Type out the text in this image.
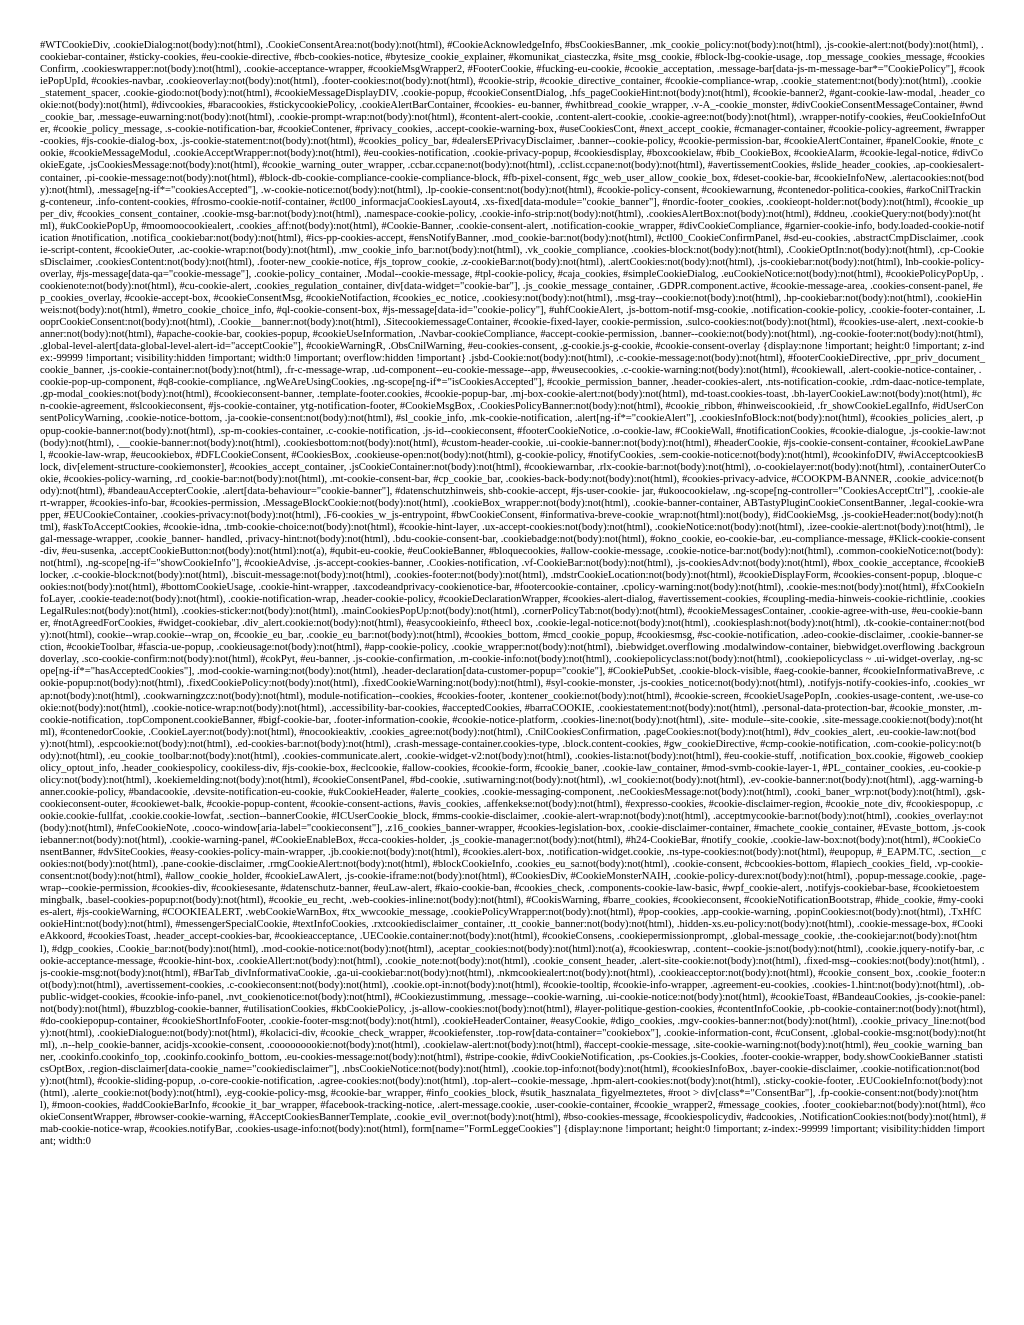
#WTCookieDiv, .cookieDialog:not(body):not(html), .CookieConsentArea:not(body):not(html), #CookieAcknowledgeInfo, #bsCookiesBanner, .mk_cookie_policy:not(body):not(html), .js-cookie-alert:not(body):not(html), .cookiebar-container, #sticky-cookies, #eu-cookie-directive, #bcb-cookies-notice, #bytesize_cookie_explainer, #komunikat_ciasteczka, #site_msg_cookie, #block-lbg-cookie-usage, .top_message_cookies_message, #cookiesConfirm, .cookieswrapper:not(body):not(html), .cookie-acceptance-wrapper, #cookieMsgWrapper2, #FooterCookie, #fucking-eu-cookie, #cookie_acceptation, .message-bar[data-js-m-message-bar*="CookiePolicy"], #cookiePopUpId, #cookies-navbar, .cookieoverlay:not(body):not(html), .footer-cookies:not(body):not(html), #cookie-strip, #cookie_directive_container, #cookie-compliance-wrap, .cookie_statement:not(body):not(html), .cookie_statement_spacer, .cookie-giodo:not(body):not(html), #cookieMessageDisplayDIV, .cookie-popup, #cookieConsentDialog, .hfs_pageCookieHint:not(body):not(html), #cookie-banner2, #gant-cookie-law-modal, .header_cookie:not(body):not(html), #divcookies, #baracookies, #stickycookiePolicy, .cookieAlertBarContainer, #cookies- eu-banner, #whitbread_cookie_wrapper, .v-A_-cookie_monster, #divCookieConsentMessageContainer, #wnd_cookie_bar, .message-euwarning:not(body):not(html), .cookie-prompt-wrap:not(body):not(html), #content-alert-cookie, .content-alert-cookie, .cookie-agree:not(body):not(html), .wrapper-notify-cookies, #euCookieInfoOuter, #cookie_policy_message, .s-cookie-notification-bar, #cookieContener, #privacy_cookies, .accept-cookie-warning-box, #useCookiesCont, #next_accept_cookie, #cmanager-container, #cookie-policy-agreement, #wrapper-cookies, #js-cookie-dialog-box, .js-cookie-statement:not(body):not(html), #cookies_policy_bar, #dealersEPrivacyDisclaimer, .banner--cookie-policy, #cookie-permission-bar, #cookieAlertContainer, #panelCookie, #note_cookie, #cookieMessageModul, .cookieAcceptWrapper:not(body):not(html), #eu-cookies-notification, .cookie-privacy-popup, #cookiesdisplay, #boxcookielaw, #bib_CookieBox, #cookieAlarm, #cookie-legal-notice, #divCookieEgate, .jsCookiesMessage:not(body):not(html), #cookie_warning_outer_wrapper, .ccbar.ccpane:not(body):not(html), .cclist.ccpane:not(body):not(html), #avertissementCookies, #slide_header_cookies, .ap-cookiesalert-container, .pi-cookie-message:not(body):not(html), #block-db-cookie-compliance-cookie-compliance-block, #fb-pixel-consent, #gc_web_user_allow_cookie_box, #deset-cookie-bar, #cookieInfoNew, .alertacookies:not(body):not(html), .message[ng-if*="cookiesAccepted"], .w-cookie-notice:not(body):not(html), .lp-cookie-consent:not(body):not(html), #cookie-policy-consent, #cookiewarnung, #contenedor-politica-cookies, #arkoCnilTracking-conteneur, .info-content-cookies, #frosmo-cookie-notif-container, #ctl00_informacjaCookiesLayout4, .xs-fixed[data-module="cookie_banner"], #nordic-footer_cookies, .cookieopt-holder:not(body):not(html), #cookie_upper_div, #cookies_consent_container, .cookie-msg-bar:not(body):not(html), .namespace-cookie-policy, .cookie-info-strip:not(body):not(html), .cookiesAlertBox:not(body):not(html), #ddneu, .cookieQuery:not(body):not(html), #ukCookiePopUp, #moomoocookiealert, .cookies_aff:not(body):not(html), #Cookie-Banner, .cookie-consent-alert, .notification-cookie_wrapper, #divCookieCompliance, #garnier-cookie-info, body.loaded-cookie-notification #notification, .notifica_cookiebar:not(body):not(html), #ics-pp-cookies-accept, #ensNotifyBanner, .mod_cookie-bar:not(body):not(html), #ctl00_CookieConfirmPanel, #sd-eu-cookies, .abstractCmpDisclaimer, .cookie-script-content, #cookieOuter, .ac-cookie-wrap:not(body):not(html), .mw_cookie_info_bar:not(body):not(html), .vk_cookie_compliance, .cookies-block:not(body):not(html), .CookieOptIn:not(body):not(html), .cp-CookiesDisclaimer, .cookiesContent:not(body):not(html), .footer-new_cookie-notice, #js_toprow_cookie, .z-cookieBar:not(body):not(html), .alertCookies:not(body):not(html), .js-cookiebar:not(body):not(html), lnb-cookie-policy-overlay, #js-message[data-qa="cookie-message"], .cookie-policy_container, .Modal--cookie-message, #tpl-cookie-policy, #caja_cookies, #simpleCookieDialog, .euCookieNotice:not(body):not(html), #cookiePolicyPopUp, .cookienote:not(body):not(html), #cu-cookie-alert, .cookies_regulation_container, div[data-widget="cookie-bar"], .js_cookie_message_container, .GDPR.component.active, #cookie-message-area, .cookies-consent-panel, #ep_cookies_overlay, #cookie-accept-box, #cookieConsentMsg, #cookieNotifaction, #cookies_ec_notice, .cookiesy:not(body):not(html), .msg-tray--cookie:not(body):not(html), .hp-cookiebar:not(body):not(html), .cookieHinweis:not(body):not(html), #metro_cookie_choice_info, #ql-cookie-consent-box, #js-message[data-id="cookie-policy"], #uhfCookieAlert, .js-bottom-notif-msg-cookie, .notification-cookie-policy, .cookie-footer-container, .LooprCookieConsent:not(body):not(html), .Cookie__banner:not(body):not(html), .SitecookiemessageContainer, #cookie-fixed-layer, cookie-permission, .sulco-cookies:not(body):not(html), #cookies-use-alert, .next-cookie-banner:not(body):not(html), #apache-cookie-bar, cookies-popup, #cookieUseInformation, .Navbar-cookieCompliance, #accept-cookie-permission, .banner--cookie:not(body):not(html), .ng-cookie-footer:not(body):not(html), .global-level-alert[data-global-level-alert-id="acceptCookie"], #cookieWarningR, .ObsCnilWarning, #eu-cookies-consent, .g-cookie.js-g-cookie, #cookie-consent-overlay {display:none !important; height:0 !important; z-index:-99999 !important; visibility:hidden !important; width:0 !important; overflow:hidden !important} .jsbd-Cookie:not(body):not(html), .c-cookie-message:not(body):not(html), #footerCookieDirective, .ppr_priv_document_cookie_banner, .js-cookie-container:not(body):not(html), .fr-c-message-wrap, .ud-component--eu-cookie-message--app, #weusecookies, .c-cookie-warning:not(body):not(html), #cookiewall, .alert-cookie-notice-container, .cookie-pop-up-component, #q8-cookie-compliance, .ngWeAreUsingCookies, .ng-scope[ng-if*="isCookiesAccepted"], #cookie_permission_banner, .header-cookies-alert, .nts-notification-cookie, .rdm-daac-notice-template, .gp-modal_cookies:not(body):not(html), #cookieconsent-banner, .template-footer.cookies, #cookie-popup-bar, .mj-box-cookie-alert:not(body):not(html), md-toast.cookies-toast, .bh-layerCookieLaw:not(body):not(html), #cn-cookie-agreement, #slcookieconsent, #js-cookie-container, ytg-notification-footer, #CookieMsgBox, .CookiesPolicyBanner:not(body):not(html), #cookie_ribbon, #hinweiscookieid, .fr_showCookieLegalInfo, #idUserConsentPolicyWarning, .cookie-notice-bottom, .ja-cookie-consent:not(body):not(html), #sl_cookie_info, .mk-cookie-notification, .alert[ng-if*="cookieAlert"], .cookiesInfoBlock:not(body):not(html), #cookies_policies_alert, .popup-cookie-banner:not(body):not(html), .sp-m-cookies-container, .c-cookie-notification, .js-id--cookieconsent, #footerCookieNotice, .o-cookie-law, #CookieWall, #notificationCookies, #cookie-dialogue, .js-cookie-law:not(body):not(html), .__cookie-banner:not(body):not(html), .cookiesbottom:not(body):not(html), #custom-header-cookie, .ui-cookie-banner:not(body):not(html), #headerCookie, #js-cookie-consent-container, #cookieLawPanel, #cookie-law-wrap, #eucookiebox, #DFLCookieConsent, #CookiesBox, .cookieuse-open:not(body):not(html), g-cookie-policy, #notifyCookies, .sem-cookie-notice:not(body):not(html), #cookinfoDIV, #wiAcceptcookiesBlock, div[element-structure-cookiemonster], #cookies_accept_container, .jsCookieContainer:not(body):not(html), #cookiewarnbar, .rlx-cookie-bar:not(body):not(html), .o-cookielayer:not(body):not(html), .containerOuterCookie, #cookies-policy-warning, .rd_cookie-bar:not(body):not(html), .mt-cookie-consent-bar, #cp_cookie_bar, .cookies-back-body:not(body):not(html), #cookies-privacy-advice, #COOKPM-BANNER, .cookie_advice:not(body):not(html), #bandeauAccepterCookie, .alert[data-behaviour="cookie-banner"], #datenschutzhinweis, shb-cookie-accept, #js-user-cookie- jar, #ukoocookielaw, .ng-scope[ng-controller="CookiesAcceptCtrl"], .cookie-alert-wrapper, #cookies-info-bar, #cookies-permission, .MessageBlockCookie:not(body):not(html), .cookieBox_wrapper:not(body):not(html), .cookie-banner-container, ABTastyPluginCookieConsentBanner, .legal-cookie-wrapper, #EUCookieContainer, .cookies-privacy:not(body):not(html), .F6-cookies_w_js-entrypoint, #bwCookieConsent, #informativa-breve-cookie_wrap:not(html):not(body), #idCookieMsg, .js-cookieHeader:not(body):not(html), #askToAcceptCookies, #cookie-idna, .tmb-cookie-choice:not(body):not(html), #cookie-hint-layer, .ux-accept-cookies:not(body):not(html), .cookieNotice:not(body):not(html), .izee-cookie-alert:not(body):not(html), .legal-message-wrapper, .cookie_banner- handled, .privacy-hint:not(body):not(html), .bdu-cookie-consent-bar, .cookiebadge:not(body):not(html), #okno_cookie, eo-cookie-bar, .eu-compliance-message, #Klick-cookie-consent-div, #eu-susenka, .acceptCookieButton:not(body):not(html):not(a), #qubit-eu-cookie, #euCookieBanner, #bloquecookies, #allow-cookie-message, .cookie-notice-bar:not(body):not(html), .common-cookieNotice:not(body):not(html), .ng-scope[ng-if="showCookieInfo"], #cookieAdvise, .js-accept-cookies-banner, .Cookies-notification, .vf-CookieBar:not(body):not(html), .js-cookiesAdv:not(body):not(html), #box_cookie_acceptance, #cookieBlocker, .c-cookie-block:not(body):not(html), .biscuit-message:not(body):not(html), .cookies-footer:not(body):not(html), .mdstrCookieLocation:not(body):not(html), #cookieDisplayForm, #cookies-consent-popup, .bloque-cookies:not(body):not(html), #bottomCookieUsage, .cookie-hint-wrapper, .taxcodeandprivacy-cookienotice-bar, #footercookie-container, .cpolicy-warning:not(body):not(html), .cookie-mes:not(body):not(html), #fxCookieInfoLayer, .cookie-teade:not(body):not(html), .cookie-notification-wrap, .header-cookie-policy, #cookieDeclarationWrapper, #cookies-alert-dialog, #avertissement-cookies, #coupling-media-hinweis-cookie-richtlinie, .cookiesLegalRules:not(body):not(html), .cookies-sticker:not(body):not(html), .mainCookiesPopUp:not(body):not(html), .cornerPolicyTab:not(body):not(html), #cookieMessagesContainer, .cookie-agree-with-use, #eu-cookie-banner, #notAgreedForCookies, #widget-cookiebar, .div_alert.cookie:not(body):not(html), #easycookieinfo, #theecl box, .cookie-legal-notice:not(body):not(html), .cookiesplash:not(body):not(html), .tk-cookie-container:not(body):not(html), cookie--wrap.cookie--wrap_on, #cookie_eu_bar, .cookie_eu_bar:not(body):not(html), #cookies_bottom, #mcd_cookie_popup, #cookiesmsg, #sc-cookie-notification, .adeo-cookie-disclaimer, .cookie-banner-section, #cookieToolbar, #fascia-ue-popup, .cookieusage:not(body):not(html), #app-cookie-policy, .cookie_wrapper:not(body):not(html), .biebwidget.overflowing .modalwindow-container, biebwidget.overflowing .backgroundoverlay, .sco-cookie-confirm:not(body):not(html), #cokPyt, #eu-banner, .js-cookie-confirmation, .m-cookie-info:not(body):not(html), .cookiepolicyclass:not(body):not(html), .cookiepolicyclass ~ .ui-widget-overlay, .ng-scope[ng-if*="hasAcceptedCookies"], .mod-cookie-warning:not(body):not(html), .header-declaration[data-customer-popup="cookie"], #CookiePubSet, .cookie-block-visible, #aeg-cookie-banner, #cookieInformativaBreve, .cookie-popup:not(body):not(html), .fixedCookiePolicy:not(body):not(html), .fixedCookieWarning:not(body):not(html), #syl-cookie-monster, .js-cookies_notice:not(body):not(html), .notifyjs-notify-cookies-info, .cookies_wrap:not(body):not(html), .cookwarningzcz:not(body):not(html), module-notification--cookies, #cookies-footer, .kontener_cookie:not(body):not(html), #cookie-screen, #cookieUsagePopIn, .cookies-usage-content, .we-use-cookie:not(body):not(html), .cookie-notice-wrap:not(body):not(html), .accessibility-bar-cookies, #acceptedCookies, #barraCOOKIE, .cookiestatement:not(body):not(html), .personal-data-protection-bar, #cookie_monster, .m-cookie-notification, .topComponent.cookieBanner, #bigf-cookie-bar, .footer-information-cookie, #cookie-notice-platform, .cookies-line:not(body):not(html), .site- module--site-cookie, .site-message.cookie:not(body):not(html), #contenedorCookie, .CookieLayer:not(body):not(html), #nocookieaktiv, .cookies_agree:not(body):not(html), .CnilCookiesConfirmation, .pageCookies:not(body):not(html), #dv_cookies_alert, .eu-cookie-law:not(body):not(html), .espcookie:not(body):not(html), .ed-cookies-bar:not(body):not(html), .crash-message-container.cookies-type, .block.content-cookies, #gw_cookieDirective, #cmp-cookie-notification, .com-cookie-policy:not(body):not(html), .eu_cookie_toolbar:not(body):not(html), .cookies-communicate.alert, .cookie-widget-v2:not(body):not(html), .cookies-lista:not(body):not(html), #eu-cookie-stuff, .notification_box.cookie, #igoweb_cookiepolicy_optout_info, .header_cookiespolicy, cookiless-div, #js-cookie-box, #eclcookie, #allow-cookies, #cookie-form, #cookie_baner, .cookie-law_container, #mod-svmb-cookie-layer-1, #PL_container_cookies, .eu-cookie-policy:not(body):not(html), .koekiemelding:not(body):not(html), #cookieConsentPanel, #bd-cookie, .sutiwarning:not(body):not(html), .wl_cookie:not(body):not(html), .ev-cookie-banner:not(body):not(html), .agg-warning-banner.cookie-policy, #bandacookie, .devsite-notification-eu-cookie, #ukCookieHeader, #alerte_cookies, .cookie-messaging-component, .neCookiesMessage:not(body):not(html), .cooki_baner_wrp:not(body):not(html), .gsk-cookieconsent-outer, #cookiewet-balk, #cookie-popup-content, #cookie-consent-actions, #avis_cookies, .affenkekse:not(body):not(html), #expresso-cookies, #cookie-disclaimer-region, #cookie_note_div, #cookiespopup, .cookie.cookie-fullfat, .cookie.cookie-lowfat, .section--bannerCookie, #ICUserCookie_block, #mms-cookie-disclaimer, .cookie-alert-wrap:not(body):not(html), .acceptmycookie-bar:not(body):not(html), .cookies_overlay:not(body):not(html), #nfeCookieNote, .cooco-window[aria-label="cookieconsent"], .z16_cookies_banner-wrapper, #cookies-legislation-box, .cookie-disclaimer-container, #machete_cookie_container, #Evaste_bottom, .js-cookiebanner:not(body):not(html), .cookie-warning-panel, #CookieEnableBox, #cca-cookies-holder, .js_cookie-manager:not(body):not(html), #h24-CookieBar, #notify_cookie, .cookie-law-box:not(body):not(html), #CookieConsentBanner, #dvSiteCookies, #easy-cookies-policy-main-wrapper, .jb.cookie:not(body):not(html), #cookies.alert-box, .notification-widget.cookie, .ns-type-cookies:not(body):not(html), #eupopup, #_EAPM.TC, .section__cookies:not(body):not(html), .pane-cookie-disclaimer, .rmgCookieAlert:not(body):not(html), #blockCookieInfo, .cookies_eu_sa:not(body):not(html), .cookie-consent, #cbcookies-bottom, #lapiech_cookies_field, .vp-cookie-consent:not(body):not(html), #allow_cookie_holder, #cookieLawAlert, .js-cookie-iframe:not(body):not(html), #CookiesDiv, #CookieMonsterNAIH, .cookie-policy-durex:not(body):not(html), .popup-message.cookie, .page-wrap--cookie-permission, #cookies-div, #cookiesesante, #datenschutz-banner, #euLaw-alert, #kaio-cookie-ban, #cookies_check, .components-cookie-law-basic, #wpf_cookie-alert, .notifyjs-cookiebar-base, #cookietoestemmingbalk, .basel-cookies-popup:not(body):not(html), #cookie_eu_recht, .web-cookies-inline:not(body):not(html), #CookisWarning, #barre_cookies, #cookieconsent, #cookieNotificationBootstrap, #hide_cookie, #my-cookies-alert, #js-cookieWarning, #COOKIEALERT, .webCookieWarnBox, #tx_wwcookie_message, .cookiePolicyWrapper:not(body):not(html), #pop-cookies, .app-cookie-warning, .popinCookies:not(body):not(html), .TxHfCookieHint:not(body):not(html), #messengerSpecialCookie, #textInfoCookies, .rxtcookiedisclaimer_container, .tt_cookie_banner:not(body):not(html), .hidden-xs.eu-policy:not(body):not(html), .cookie-message-box, #CookieAkkoord, #cookiesToast, .header_accept-cookies-bar, #cookieacceptance, .UECookie.container:not(body):not(html), #cookieConsens, .cookiepermissionprompt, .global-message_cookie, .the-cookiejar:not(body):not(html), #dgp_cookies, .Cookie_bar:not(body):not(html), .mod-cookie-notice:not(body):not(html), .aceptar_cookies:not(body):not(html):not(a), #cookieswrap, .content--cookie-js:not(body):not(html), .cookie.jquery-notify-bar, .cookie-acceptance-message, #cookie-hint-box, .cookieAllert:not(body):not(html), .cookie_note:not(body):not(html), .cookie_consent_header, .alert-site-cookie:not(body):not(html), .fixed-msg--cookies:not(body):not(html), .js-cookie-msg:not(body):not(html), #BarTab_divInformativaCookie, .ga-ui-cookiebar:not(body):not(html), .nkmcookiealert:not(body):not(html), .cookieacceptor:not(body):not(html), #cookie_consent_box, .cookie_footer:not(body):not(html), .avertissement-cookies, .c-cookieconsent:not(body):not(html), .cookie.opt-in:not(body):not(html), #cookie-tooltip, #cookie-info-wrapper, .agreement-eu-cookies, .cookies-1.hint:not(body):not(html), .ob-public-widget-cookies, #cookie-info-panel, .nvt_cookienotice:not(body):not(html), #Cookiezustimmung, .message--cookie-warning, .ui-cookie-notice:not(body):not(html), #cookieToast, #BandeauCookies, .js-cookie-panel:not(body):not(html), #buzzblog-cookie-banner, #utilisationCookies, #kbCookiePolicy, .js-allow-cookies:not(body):not(html), #layer-politique-gestion-cookies, #contentInfoCookie, .pb-cookie-container:not(body):not(html), #do-cookiepopup-container, #cookieShortInfoFooter, .cookie-footer-msg:not(body):not(html), .cookieHeaderContainer, #easyCookie, #digo_cookies, .mgv-cookies-banner:not(body):not(html), .cookie_privacy_line:not(body):not(html), .cookieDialogue:not(body):not(html), #kolacici-div, #cookie_check_wrapper, #cookiefenster, .top-row[data-container="cookiebox"], .cookie-information-cont, #cuConsent, .global-cookie-msg:not(body):not(html), .n--help_cookie-banner, acidjs-xcookie-consent, .cooooooookie:not(body):not(html), .cookielaw-alert:not(body):not(html), #accept-cookie-message, .site-cookie-warning:not(body):not(html), #eu_cookie_warning_banner, .cookinfo.cookinfo_top, .cookinfo.cookinfo_bottom, .eu-cookies-message:not(body):not(html), #stripe-cookie, #divCookieNotification, .ps-Cookies.js-Cookies, .footer-cookie-wrapper, body.showCookieBanner .statisticsOptBox, .region-disclaimer[data-cookie_name="cookiedisclaimer"], .nbsCookieNotice:not(body):not(html), .cookie.top-info:not(body):not(html), #cookiesInfoBox, .bayer-cookie-disclaimer, .cookie-notification:not(body):not(html), #cookie-sliding-popup, .o-core-cookie-notification, .agree-cookies:not(body):not(html), .top-alert--cookie-message, .hpm-alert-cookies:not(body):not(html), .sticky-cookie-footer, .EUCookieInfo:not(body):not(html), .alerte_cookie:not(body):not(html), .eyg-cookie-policy-msg, #cookie-bar_wrapper, #info_cookies_block, #sutik_hasznalata_figyelmeztetes, #root > div[class*="ConsentBar"], .fp-cookie-consent:not(body):not(html), #moon-cookies, #addCookieBarInfo, #cookie_it_bar_wrapper, #facebook-tracking-notice, .alert-message.cookie, .user-cookie-container, #cookie_wrapper2, #message_cookies, .footer_cookiebar:not(body):not(html), #cookieConsentWrapper, #browser-cookie-warning, #AcceptCookiesBannerTemplate, .cookie_evil_over:not(body):not(html), #bso-cookies-message, #cookiespolicydiv, #adcookies, .NotificationCookies:not(body):not(html), #mab-cookie-notice-wrap, #cookies.notifyBar, .cookies-usage-info:not(body):not(html), form[name="FormLeggeCookies"] {display:none !important; height:0 !important; z-index:-99999 !important; visibility:hidden !important; width:0
